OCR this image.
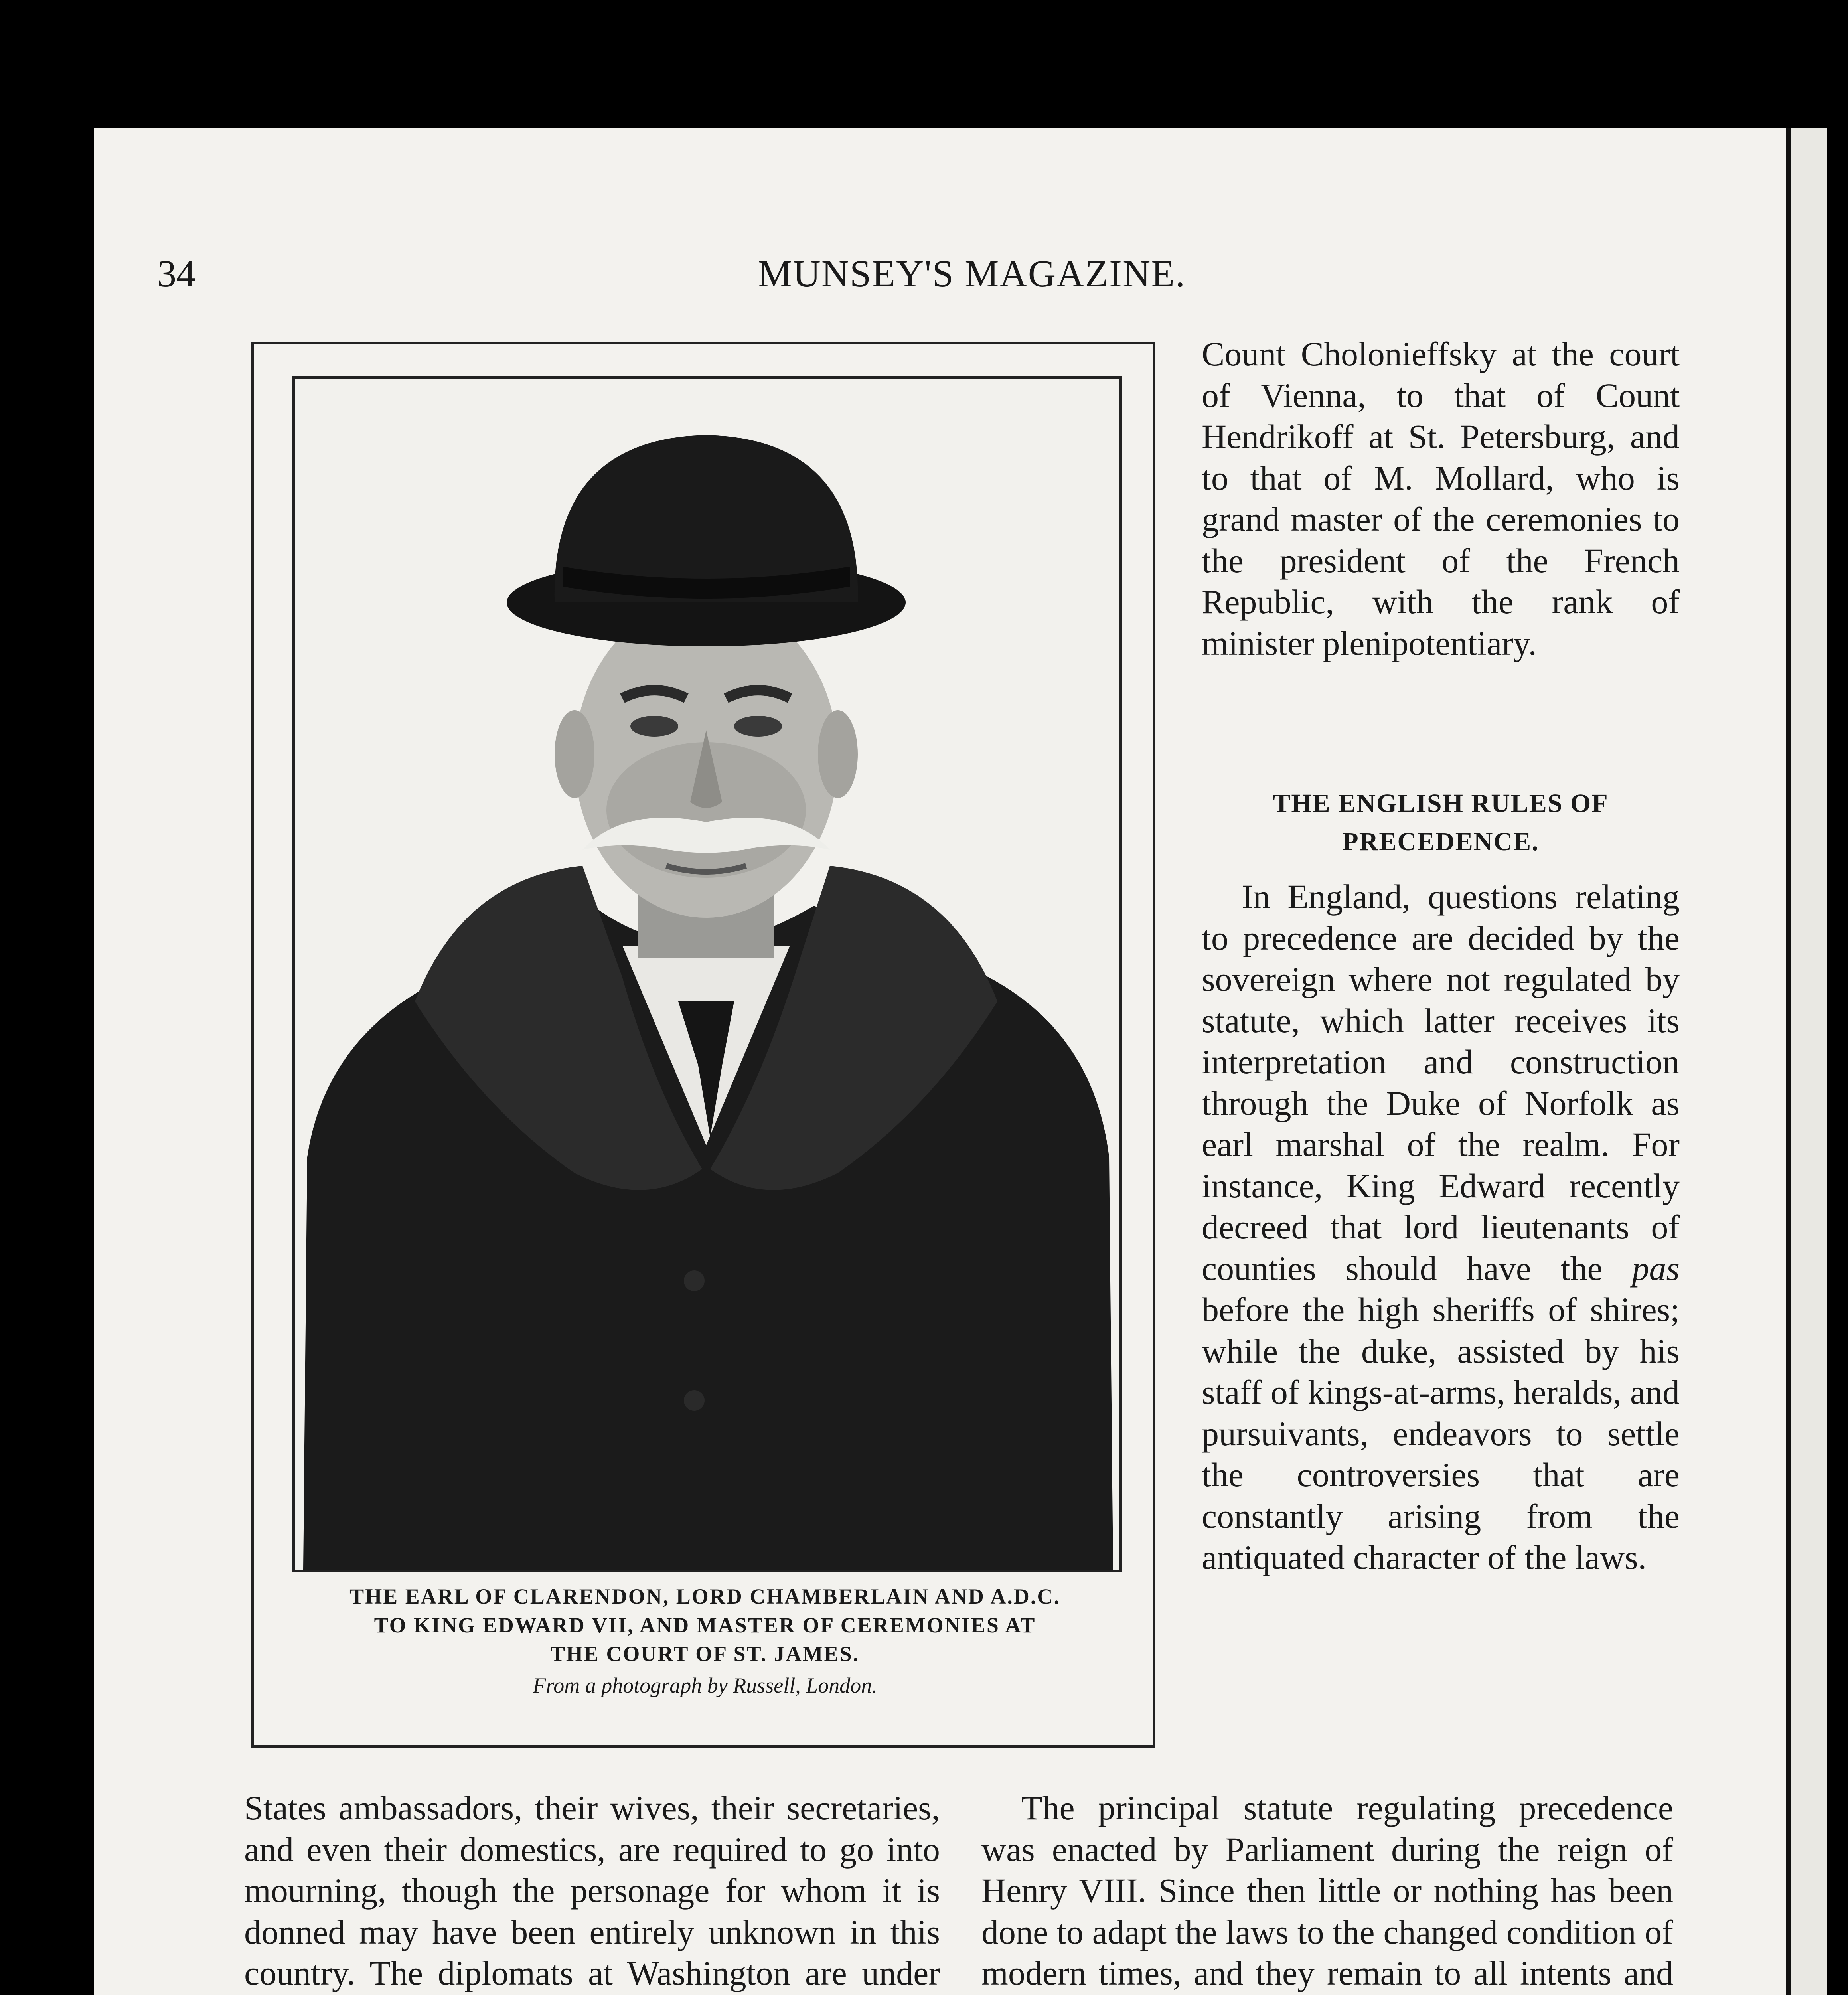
34	MUNSEY'S MAGAZINE.
THE EARL OF CLARENDON, LORD CHAMBERLAIN AND A.D.C.
TO KING EDWARD VII, AND MASTER OF CEREMONIES AT
THE COURT OF ST. JAMES.
From a photograph by Russell, London.

Count Cholonieffsky at the court of Vienna, to that of Count Hendrikoff at St. Petersburg, and to that of M. Mollard, who is grand master of the ceremonies to the president of the French Republic, with the rank of minister plenipotentiary.

THE ENGLISH RULES OF
PRECEDENCE.

In England, questions relating to precedence are decided by the sovereign where not regulated by statute, which latter receives its interpretation and construction through the Duke of Norfolk as earl marshal of the realm. For instance, King Edward recently decreed that lord lieutenants of counties should have the pas before the high sheriffs of shires; while the duke, assisted by his staff of kings-at-arms, heralds, and pursuivants, endeavors to settle the controversies that are constantly arising from the antiquated character of the laws.

States ambassadors, their wives, their secretaries, and even their domestics, are required to go into mourning, though the personage for whom it is donned may have been entirely unknown in this country. The diplomats at Washington are under

The principal statute regulating precedence was enacted by Parliament during the reign of Henry VIII. Since then little or nothing has been done to adapt the laws to the changed condition of modern times, and they remain to all intents and
